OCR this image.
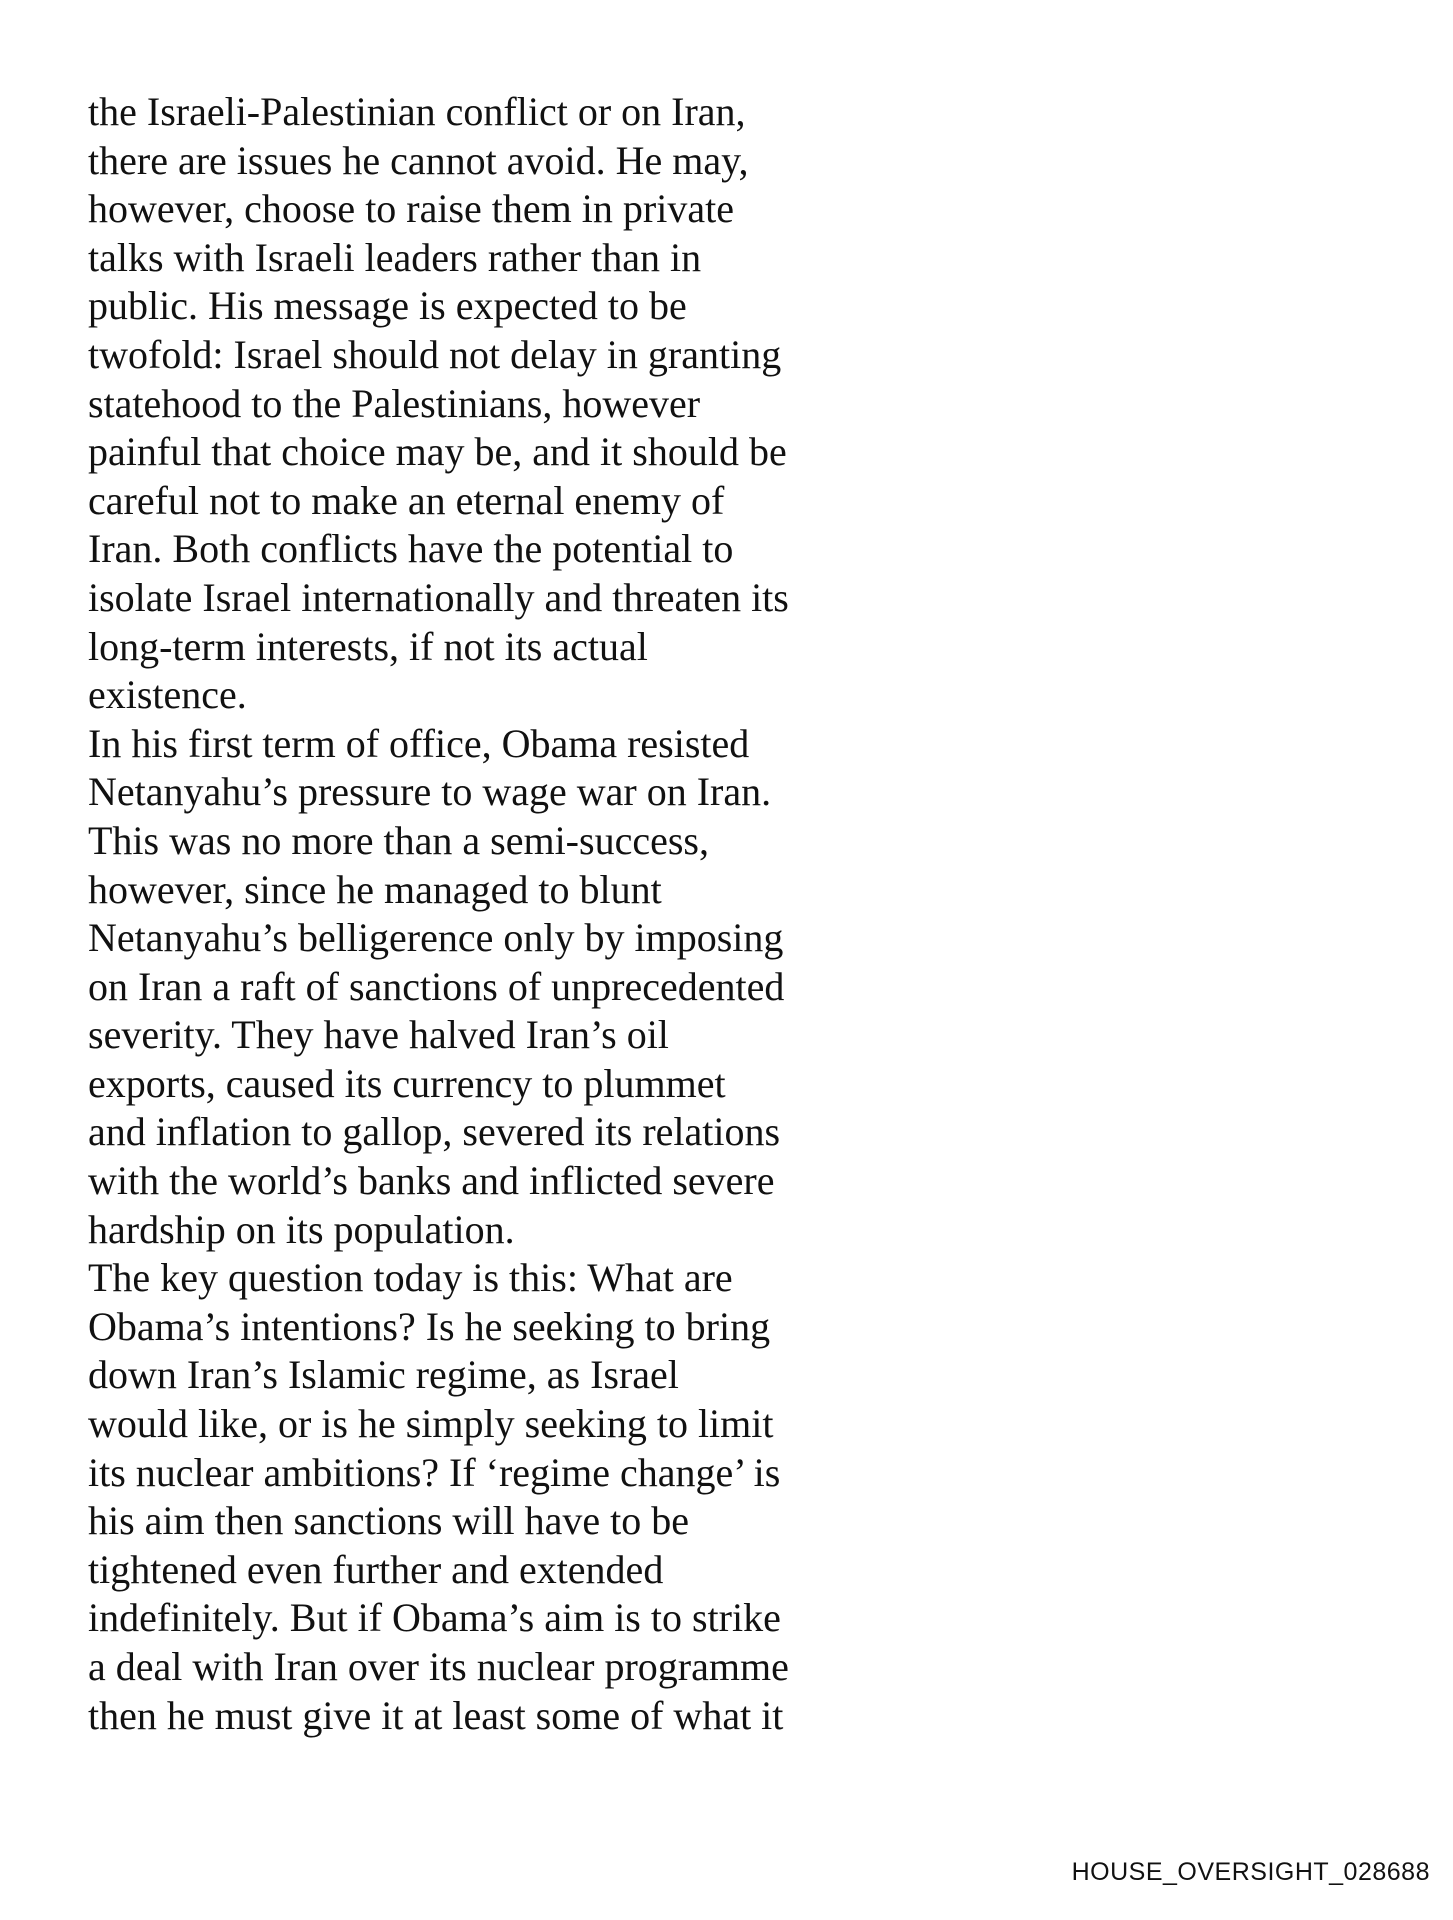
the Israeli-Palestinian conflict or on Iran,
there are issues he cannot avoid. He may,
however, choose to raise them in private
talks with Israeli leaders rather than in
public. His message is expected to be
twofold: Israel should not delay in granting
statehood to the Palestinians, however
painful that choice may be, and it should be
careful not to make an eternal enemy of
Iran. Both conflicts have the potential to
isolate Israel internationally and threaten its
long-term interests, if not its actual
existence.
In his first term of office, Obama resisted
Netanyahu’s pressure to wage war on Iran.
This was no more than a semi-success,
however, since he managed to blunt
Netanyahu’s belligerence only by imposing
on Iran a raft of sanctions of unprecedented
severity. They have halved Iran’s oil
exports, caused its currency to plummet
and inflation to gallop, severed its relations
with the world’s banks and inflicted severe
hardship on its population.
The key question today is this: What are
Obama’s intentions? Is he seeking to bring
down Iran’s Islamic regime, as Israel
would like, or is he simply seeking to limit
its nuclear ambitions? If ‘regime change’ is
his aim then sanctions will have to be
tightened even further and extended
indefinitely. But if Obama’s aim is to strike
a deal with Iran over its nuclear programme
then he must give it at least some of what it
HOUSE_OVERSIGHT_028688
